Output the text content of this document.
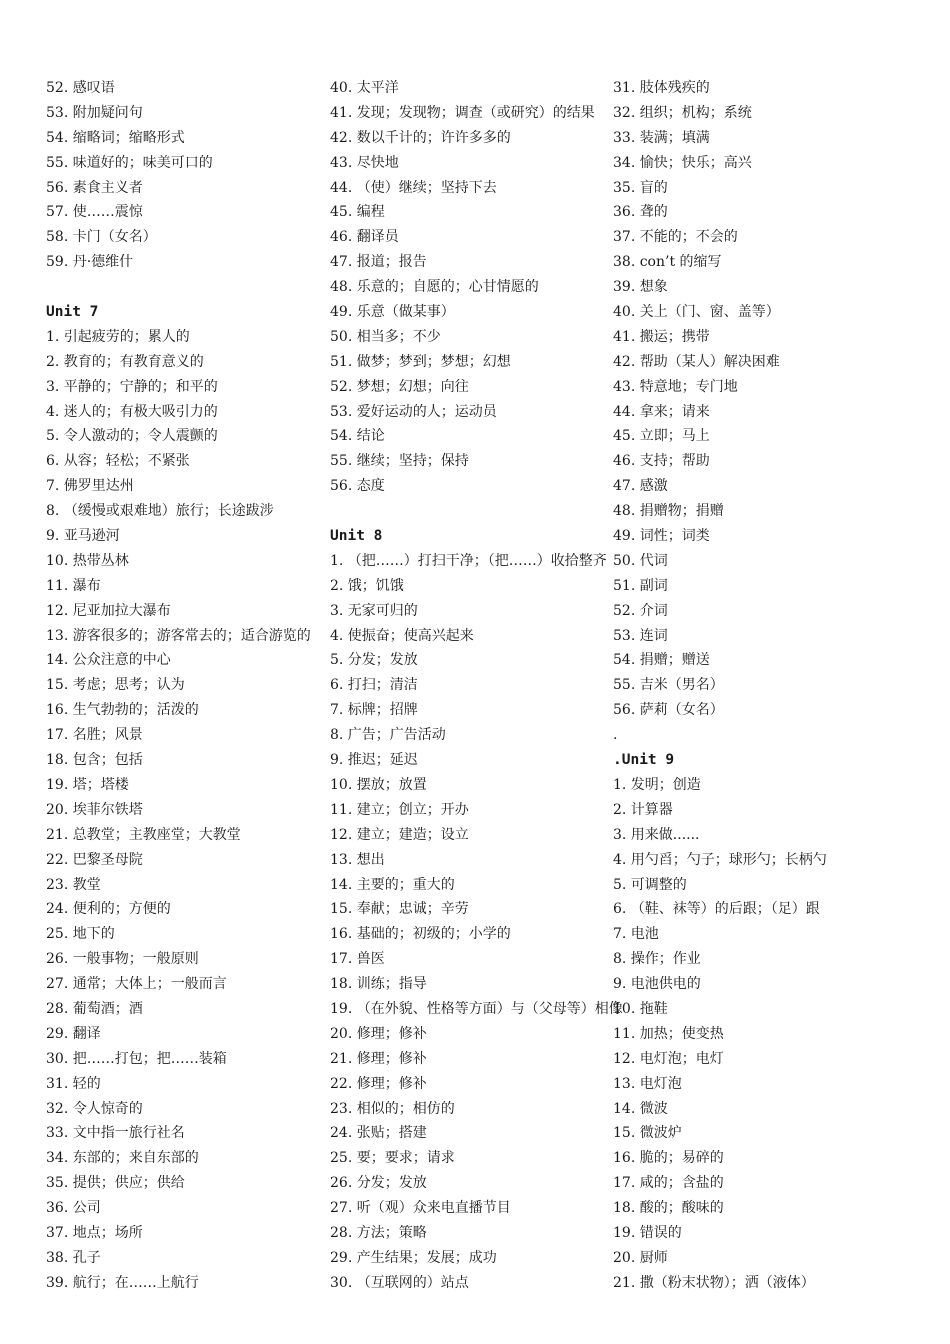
52. 感叹语
53. 附加疑问句
54. 缩略词；缩略形式
55. 味道好的；味美可口的
56. 素食主义者
57. 使……震惊
58. 卡门（女名）
59. 丹·德维什
Unit 7
1. 引起疲劳的；累人的
2. 教育的；有教育意义的
3. 平静的；宁静的；和平的
4. 迷人的；有极大吸引力的
5. 令人激动的；令人震颤的
6. 从容；轻松；不紧张
7. 佛罗里达州
8. （缓慢或艰难地）旅行；长途跋涉
9. 亚马逊河
10. 热带丛林
11. 瀑布
12. 尼亚加拉大瀑布
13. 游客很多的；游客常去的；适合游览的
14. 公众注意的中心
15. 考虑；思考；认为
16. 生气勃勃的；活泼的
17. 名胜；风景
18. 包含；包括
19. 塔；塔楼
20. 埃菲尔铁塔
21. 总教堂；主教座堂；大教堂
22. 巴黎圣母院
23. 教堂
24. 便利的；方便的
25. 地下的
26. 一般事物；一般原则
27. 通常；大体上；一般而言
28. 葡萄酒；酒
29. 翻译
30. 把……打包；把……装箱
31. 轻的
32. 令人惊奇的
33. 文中指一旅行社名
34. 东部的；来自东部的
35. 提供；供应；供给
36. 公司
37. 地点；场所
38. 孔子
39. 航行；在……上航行
40. 太平洋
41. 发现；发现物；调查（或研究）的结果
42. 数以千计的；许许多多的
43. 尽快地
44. （使）继续；坚持下去
45. 编程
46. 翻译员
47. 报道；报告
48. 乐意的；自愿的；心甘情愿的
49. 乐意（做某事）
50. 相当多；不少
51. 做梦；梦到；梦想；幻想
52. 梦想；幻想；向往
53. 爱好运动的人；运动员
54. 结论
55. 继续；坚持；保持
56. 态度
Unit 8
1. （把……）打扫干净；（把……）收拾整齐
2. 饿；饥饿
3. 无家可归的
4. 使振奋；使高兴起来
5. 分发；发放
6. 打扫；清洁
7. 标牌；招牌
8. 广告；广告活动
9. 推迟；延迟
10. 摆放；放置
11. 建立；创立；开办
12. 建立；建造；设立
13. 想出
14. 主要的；重大的
15. 奉献；忠诚；辛劳
16. 基础的；初级的；小学的
17. 兽医
18. 训练；指导
19. （在外貌、性格等方面）与（父母等）相像
20. 修理；修补
21. 修理；修补
22. 修理；修补
23. 相似的；相仿的
24. 张贴；搭建
25. 要；要求；请求
26. 分发；发放
27. 听（观）众来电直播节目
28. 方法；策略
29. 产生结果；发展；成功
30. （互联网的）站点
31. 肢体残疾的
32. 组织；机构；系统
33. 装满；填满
34. 愉快；快乐；高兴
35. 盲的
36. 聋的
37. 不能的；不会的
38. con’t 的缩写
39. 想象
40. 关上（门、窗、盖等）
41. 搬运；携带
42. 帮助（某人）解决困难
43. 特意地；专门地
44. 拿来；请来
45. 立即；马上
46. 支持；帮助
47. 感激
48. 捐赠物；捐赠
49. 词性；词类
50. 代词
51. 副词
52. 介词
53. 连词
54. 捐赠；赠送
55. 吉米（男名）
56. 萨莉（女名）
.
.Unit 9
1. 发明；创造
2. 计算器
3. 用来做......
4. 用勺舀；勺子；球形勺；长柄勺
5. 可调整的
6. （鞋、袜等）的后跟；（足）跟
7. 电池
8. 操作；作业
9. 电池供电的
10. 拖鞋
11. 加热；使变热
12. 电灯泡；电灯
13. 电灯泡
14. 微波
15. 微波炉
16. 脆的；易碎的
17. 咸的；含盐的
18. 酸的；酸味的
19. 错误的
20. 厨师
21. 撒（粉末状物）；洒（液体）
